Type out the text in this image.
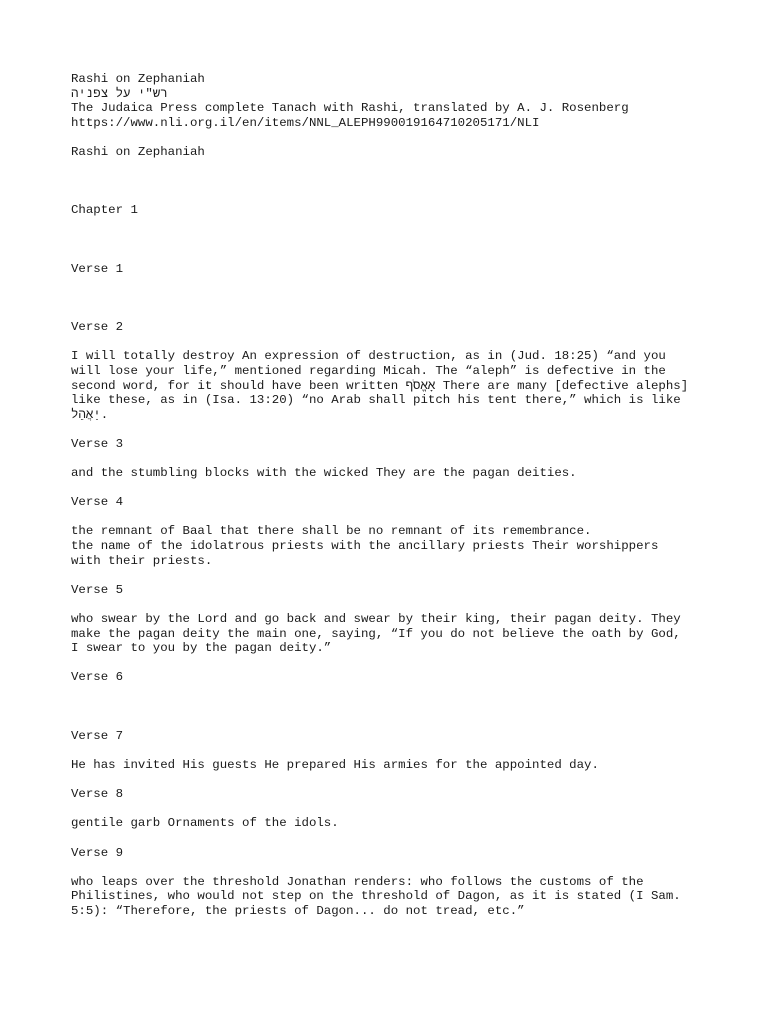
Rashi on Zephaniah
רש"י על צפניה
The Judaica Press complete Tanach with Rashi, translated by A. J. Rosenberg
https://www.nli.org.il/en/items/NNL_ALEPH990019164710205171/NLI
Rashi on Zephaniah
Chapter 1
Verse 1
Verse 2
I will totally destroy An expression of destruction, as in (Jud. 18:25) “and you
will lose your life,” mentioned regarding Micah. The “aleph” is defective in the
second word, for it should have been written אָאֱסֹף There are many [defective alephs]
like these, as in (Isa. 13:20) “no Arab shall pitch his tent there,” which is like
יַאֲהֵל.
Verse 3
and the stumbling blocks with the wicked They are the pagan deities.
Verse 4
the remnant of Baal that there shall be no remnant of its remembrance.
the name of the idolatrous priests with the ancillary priests Their worshippers
with their priests.
Verse 5
who swear by the Lord and go back and swear by their king, their pagan deity. They
make the pagan deity the main one, saying, “If you do not believe the oath by God,
I swear to you by the pagan deity.”
Verse 6
Verse 7
He has invited His guests He prepared His armies for the appointed day.
Verse 8
gentile garb Ornaments of the idols.
Verse 9
who leaps over the threshold Jonathan renders: who follows the customs of the
Philistines, who would not step on the threshold of Dagon, as it is stated (I Sam.
5:5): “Therefore, the priests of Dagon... do not tread, etc.”
